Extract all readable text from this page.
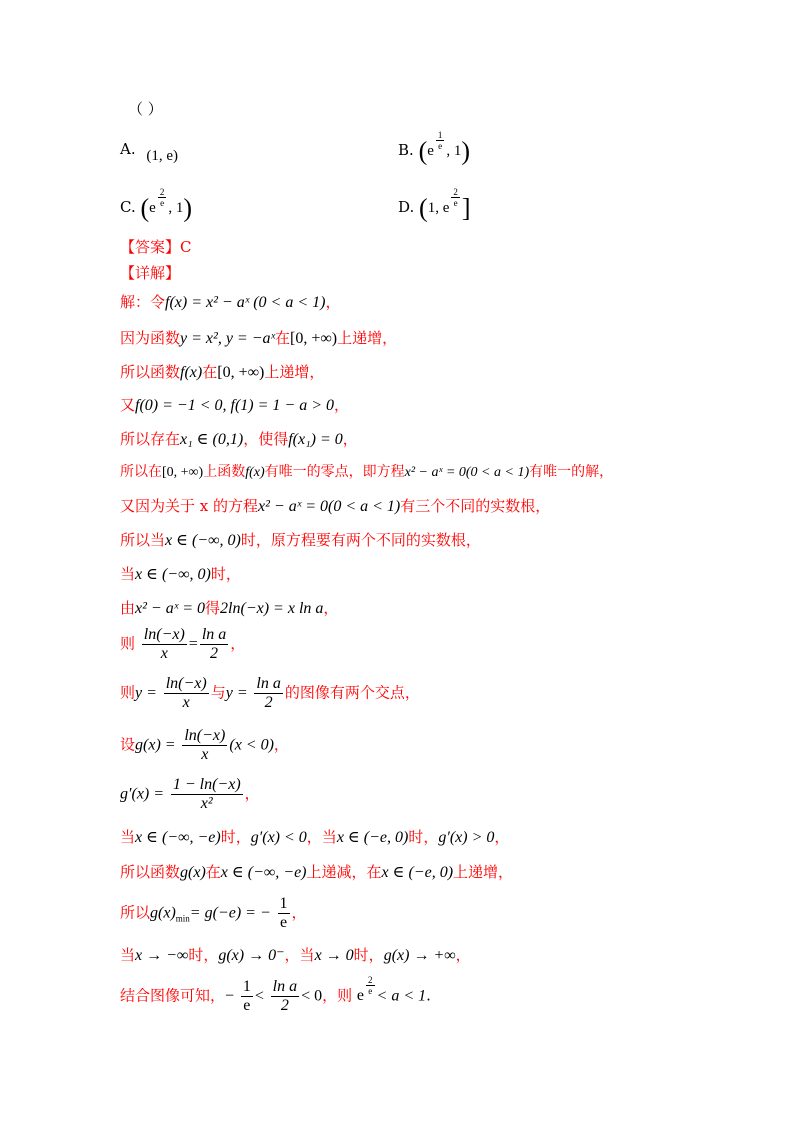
（ ）
A. (1, e)	B. ($e \frac{1}{e}$ , 1)
C. ($e \frac{2}{e}$ , 1)	D. (1, e $\frac{2}{e}$ ]
【答案】C
【详解】
解：令f(x) = x² − aˣ (0 < a < 1)，
因为函数y = x², y = −aˣ在[0, +∞)上递增，
所以函数f(x)在[0, +∞)上递增，
又f(0) = −1 < 0, f(1) = 1 − a > 0，
所以存在x₁ ∈ (0,1)，使得f(x₁) = 0，
所以在[0, +∞)上函数f(x)有唯一的零点，即方程x² − aˣ = 0(0 < a < 1)有唯一的解，
又因为关于 x 的方程x² − aˣ = 0(0 < a < 1)有三个不同的实数根，
所以当x ∈ (−∞, 0)时，原方程要有两个不同的实数根，
当x ∈ (−∞, 0)时，
由x² − aˣ = 0得2ln(−x) = x ln a，
则 $\frac{\ln(-x)}{x} = \frac{\text{ln a}}{2}$ ，
则$y = \frac{\ln(-x)}{x}$ 与$y = \frac{\text{ln a}}{2}$ 的图像有两个交点，
设$g(x) = \frac{\ln(-x)}{x} (x < 0)$，
$g'(x) = \frac{1 - \ln(-x)}{\text{x²}}$ ，
当x ∈ (−∞, −e)时，g′(x) < 0，当x ∈ (−e, 0)时，g′(x) > 0，
所以函数g(x)在x ∈ (−∞, −e)上递减，在x ∈ (−e, 0)上递增，
所以$g(x)_{min}= g(-e)$ = − $\frac{1}{e}$ ，
当x → −∞时，g(x) → 0⁻，当x → 0时，g(x) → +∞，
结合图像可知，− $\frac{1}{e} < \frac{\text{ln a}}{2} < 0$，则 e $\frac{2}{e} < a < 1$.
